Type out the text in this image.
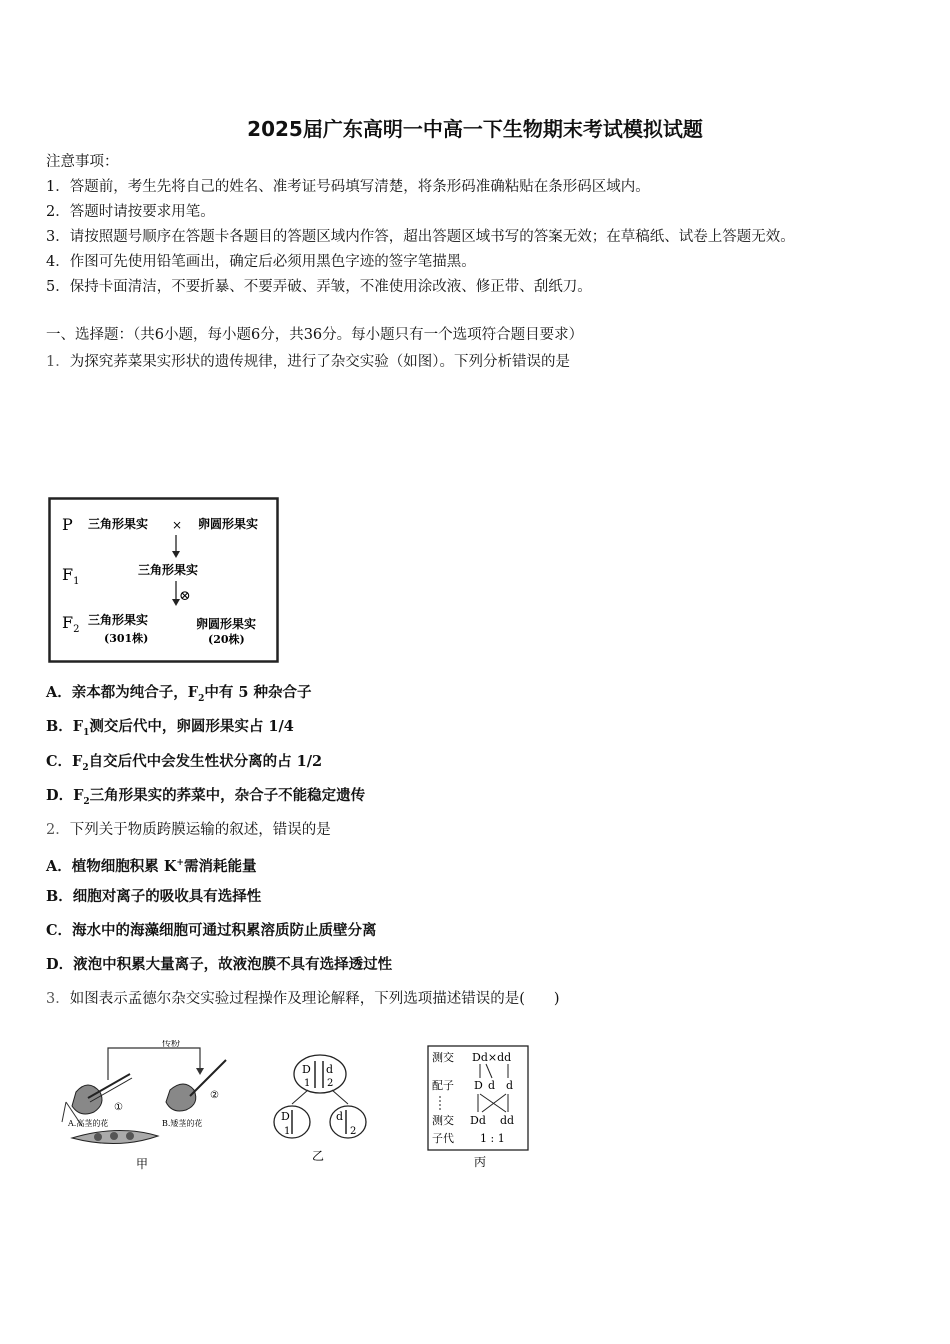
2025届广东高明一中高一下生物期末考试模拟试题
注意事项：
1．答题前，考生先将自己的姓名、准考证号码填写清楚，将条形码准确粘贴在条形码区域内。
2．答题时请按要求用笔。
3．请按照题号顺序在答题卡各题目的答题区域内作答，超出答题区域书写的答案无效；在草稿纸、试卷上答题无效。
4．作图可先使用铅笔画出，确定后必须用黑色字迹的签字笔描黑。
5．保持卡面清洁，不要折暴、不要弄破、弄皱，不准使用涂改液、修正带、刮纸刀。
一、选择题：（共6小题，每小题6分，共36分。每小题只有一个选项符合题目要求）
1．为探究荞菜果实形状的遗传规律，进行了杂交实验（如图）。下列分析错误的是
P 三角形果实 × 卵圆形果实
$F_1$
三角形果实
⊗
$F_2$
三角形果实
(301株)
卵圆形果实
(20株)
A．亲本都为纯合子，$F_2$中有 5 种杂合子
B．$F_1$测交后代中，卵圆形果实占 1/4
C．$F_2$自交后代中会发生性状分离的占 1/2
D．$F_2$三角形果实的荞菜中，杂合子不能稳定遗传
2．下列关于物质跨膜运输的叙述，错误的是
A．植物细胞积累 K+需消耗能量
B．细胞对离子的吸收具有选择性
C．海水中的海藻细胞可通过积累溶质防止质壁分离
D．液泡中积累大量离子，故液泡膜不具有选择透过性
3．如图表示孟德尔杂交实验过程操作及理论解释，下列选项描述错误的是(　　)
传粉
①
A.高茎的花
②
B.矮茎的花
甲
D
1
d
2
D
1
d
2
乙
测交 Dd×dd
配子 D d d
测交 Dd dd
子代 1 : 1
丙
